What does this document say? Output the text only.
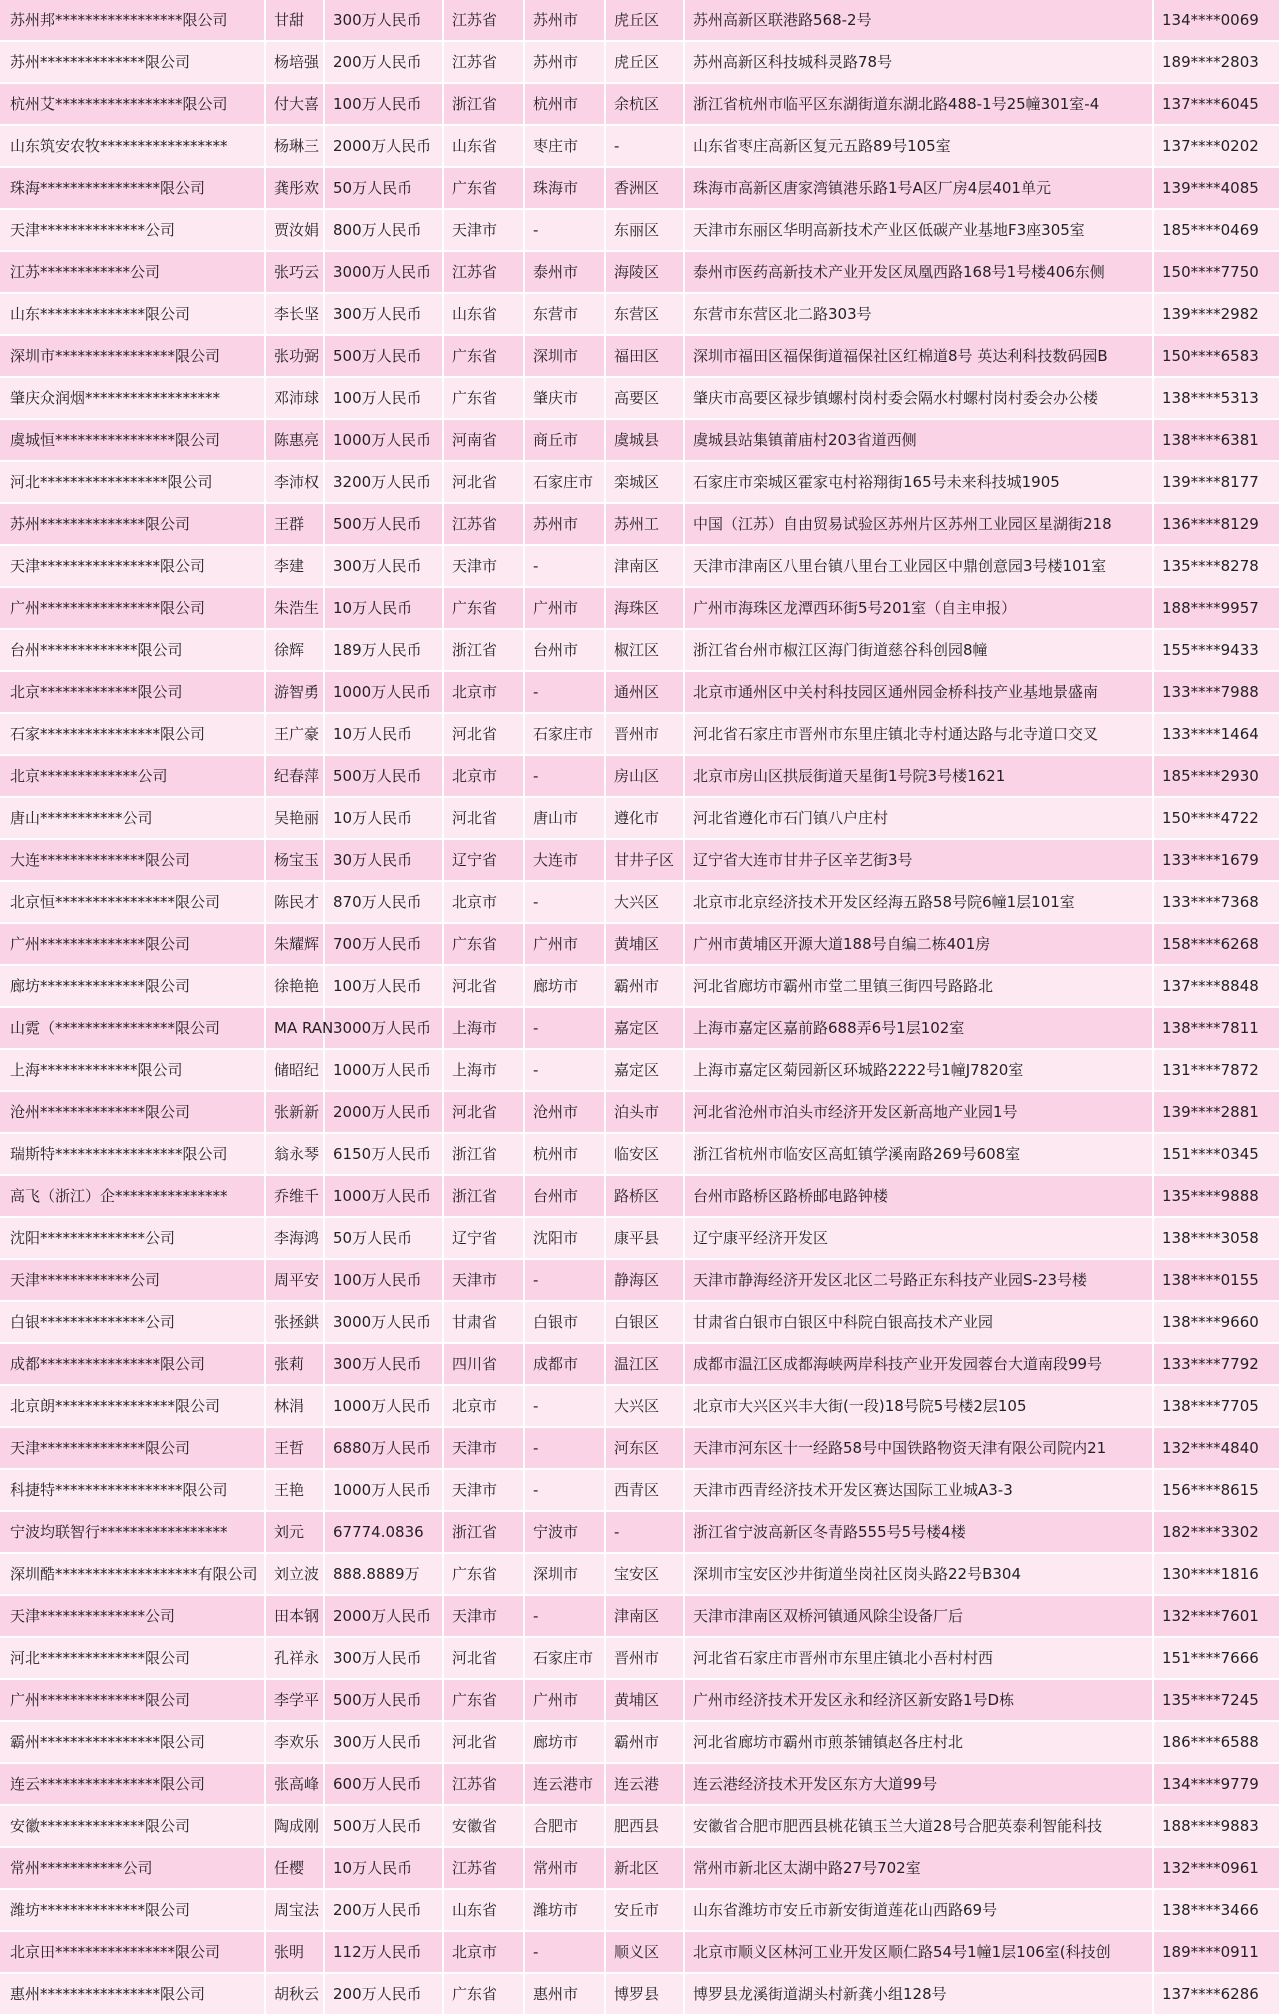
苏州邦*****************限公司	甘甜	300万人民币	江苏省	苏州市	虎丘区	苏州高新区联港路568-2号	134****0069
苏州**************限公司	杨培强	200万人民币	江苏省	苏州市	虎丘区	苏州高新区科技城科灵路78号	189****2803
杭州艾*****************限公司	付大喜	100万人民币	浙江省	杭州市	余杭区	浙江省杭州市临平区东湖街道东湖北路488-1号25幢301室-4	137****6045
山东筑安农牧*****************	杨琳三	2000万人民币	山东省	枣庄市	-	山东省枣庄高新区复元五路89号105室	137****0202
珠海****************限公司	龚彤欢	50万人民币	广东省	珠海市	香洲区	珠海市高新区唐家湾镇港乐路1号A区厂房4层401单元	139****4085
天津**************公司	贾汝娟	800万人民币	天津市	-	东丽区	天津市东丽区华明高新技术产业区低碳产业基地F3座305室	185****0469
江苏************公司	张巧云	3000万人民币	江苏省	泰州市	海陵区	泰州市医药高新技术产业开发区凤凰西路168号1号楼406东侧	150****7750
山东**************限公司	李长坚	300万人民币	山东省	东营市	东营区	东营市东营区北二路303号	139****2982
深圳市****************限公司	张功弼	500万人民币	广东省	深圳市	福田区	深圳市福田区福保街道福保社区红棉道8号 英达利科技数码园B	150****6583
肇庆众润烟******************	邓沛球	100万人民币	广东省	肇庆市	高要区	肇庆市高要区禄步镇螺村岗村委会隔水村螺村岗村委会办公楼	138****5313
虞城恒****************限公司	陈惠亮	1000万人民币	河南省	商丘市	虞城县	虞城县站集镇莆庙村203省道西侧	138****6381
河北*****************限公司	李沛权	3200万人民币	河北省	石家庄市	栾城区	石家庄市栾城区霍家屯村裕翔街165号未来科技城1905	139****8177
苏州**************限公司	王群	500万人民币	江苏省	苏州市	苏州工	中国（江苏）自由贸易试验区苏州片区苏州工业园区星湖街218	136****8129
天津****************限公司	李建	300万人民币	天津市	-	津南区	天津市津南区八里台镇八里台工业园区中鼎创意园3号楼101室	135****8278
广州****************限公司	朱浩生	10万人民币	广东省	广州市	海珠区	广州市海珠区龙潭西环街5号201室（自主申报）	188****9957
台州*************限公司	徐辉	189万人民币	浙江省	台州市	椒江区	浙江省台州市椒江区海门街道慈谷科创园8幢	155****9433
北京*************限公司	游智勇	1000万人民币	北京市	-	通州区	北京市通州区中关村科技园区通州园金桥科技产业基地景盛南	133****7988
石家****************限公司	王广豪	10万人民币	河北省	石家庄市	晋州市	河北省石家庄市晋州市东里庄镇北寺村通达路与北寺道口交叉	133****1464
北京*************公司	纪春萍	500万人民币	北京市	-	房山区	北京市房山区拱辰街道天星街1号院3号楼1621	185****2930
唐山***********公司	吴艳丽	10万人民币	河北省	唐山市	遵化市	河北省遵化市石门镇八户庄村	150****4722
大连**************限公司	杨宝玉	30万人民币	辽宁省	大连市	甘井子区	辽宁省大连市甘井子区辛艺街3号	133****1679
北京恒****************限公司	陈民才	870万人民币	北京市	-	大兴区	北京市北京经济技术开发区经海五路58号院6幢1层101室	133****7368
广州**************限公司	朱耀辉	700万人民币	广东省	广州市	黄埔区	广州市黄埔区开源大道188号自编二栋401房	158****6268
廊坊**************限公司	徐艳艳	100万人民币	河北省	廊坊市	霸州市	河北省廊坊市霸州市堂二里镇三街四号路路北	137****8848
山霓（****************限公司	MA RAN	3000万人民币	上海市	-	嘉定区	上海市嘉定区嘉前路688弄6号1层102室	138****7811
上海*************限公司	储昭纪	1000万人民币	上海市	-	嘉定区	上海市嘉定区菊园新区环城路2222号1幢J7820室	131****7872
沧州**************限公司	张新新	2000万人民币	河北省	沧州市	泊头市	河北省沧州市泊头市经济开发区新高地产业园1号	139****2881
瑞斯特*****************限公司	翁永琴	6150万人民币	浙江省	杭州市	临安区	浙江省杭州市临安区高虹镇学溪南路269号608室	151****0345
高飞（浙江）企***************	乔维千	1000万人民币	浙江省	台州市	路桥区	台州市路桥区路桥邮电路钟楼	135****9888
沈阳**************公司	李海鸿	50万人民币	辽宁省	沈阳市	康平县	辽宁康平经济开发区	138****3058
天津************公司	周平安	100万人民币	天津市	-	静海区	天津市静海经济开发区北区二号路正东科技产业园S-23号楼	138****0155
白银**************公司	张拯鉷	3000万人民币	甘肃省	白银市	白银区	甘肃省白银市白银区中科院白银高技术产业园	138****9660
成都****************限公司	张莉	300万人民币	四川省	成都市	温江区	成都市温江区成都海峡两岸科技产业开发园蓉台大道南段99号	133****7792
北京朗****************限公司	林涓	1000万人民币	北京市	-	大兴区	北京市大兴区兴丰大街(一段)18号院5号楼2层105	138****7705
天津**************限公司	王哲	6880万人民币	天津市	-	河东区	天津市河东区十一经路58号中国铁路物资天津有限公司院内21	132****4840
科捷特*****************限公司	王艳	1000万人民币	天津市	-	西青区	天津市西青经济技术开发区赛达国际工业城A3-3	156****8615
宁波均联智行*****************	刘元	67774.0836	浙江省	宁波市	-	浙江省宁波高新区冬青路555号5号楼4楼	182****3302
深圳酷*******************有限公司	刘立波	888.8889万	广东省	深圳市	宝安区	深圳市宝安区沙井街道坐岗社区岗头路22号B304	130****1816
天津**************公司	田本钢	2000万人民币	天津市	-	津南区	天津市津南区双桥河镇通风除尘设备厂后	132****7601
河北**************限公司	孔祥永	300万人民币	河北省	石家庄市	晋州市	河北省石家庄市晋州市东里庄镇北小吾村村西	151****7666
广州**************限公司	李学平	500万人民币	广东省	广州市	黄埔区	广州市经济技术开发区永和经济区新安路1号D栋	135****7245
霸州****************限公司	李欢乐	300万人民币	河北省	廊坊市	霸州市	河北省廊坊市霸州市煎茶铺镇赵各庄村北	186****6588
连云****************限公司	张高峰	600万人民币	江苏省	连云港市	连云港	连云港经济技术开发区东方大道99号	134****9779
安徽**************限公司	陶成刚	500万人民币	安徽省	合肥市	肥西县	安徽省合肥市肥西县桃花镇玉兰大道28号合肥英泰利智能科技	188****9883
常州***********公司	任樱	10万人民币	江苏省	常州市	新北区	常州市新北区太湖中路27号702室	132****0961
潍坊**************限公司	周宝法	200万人民币	山东省	潍坊市	安丘市	山东省潍坊市安丘市新安街道莲花山西路69号	138****3466
北京田****************限公司	张明	112万人民币	北京市	-	顺义区	北京市顺义区林河工业开发区顺仁路54号1幢1层106室(科技创	189****0911
惠州****************限公司	胡秋云	200万人民币	广东省	惠州市	博罗县	博罗县龙溪街道湖头村新龚小组128号	137****6286
